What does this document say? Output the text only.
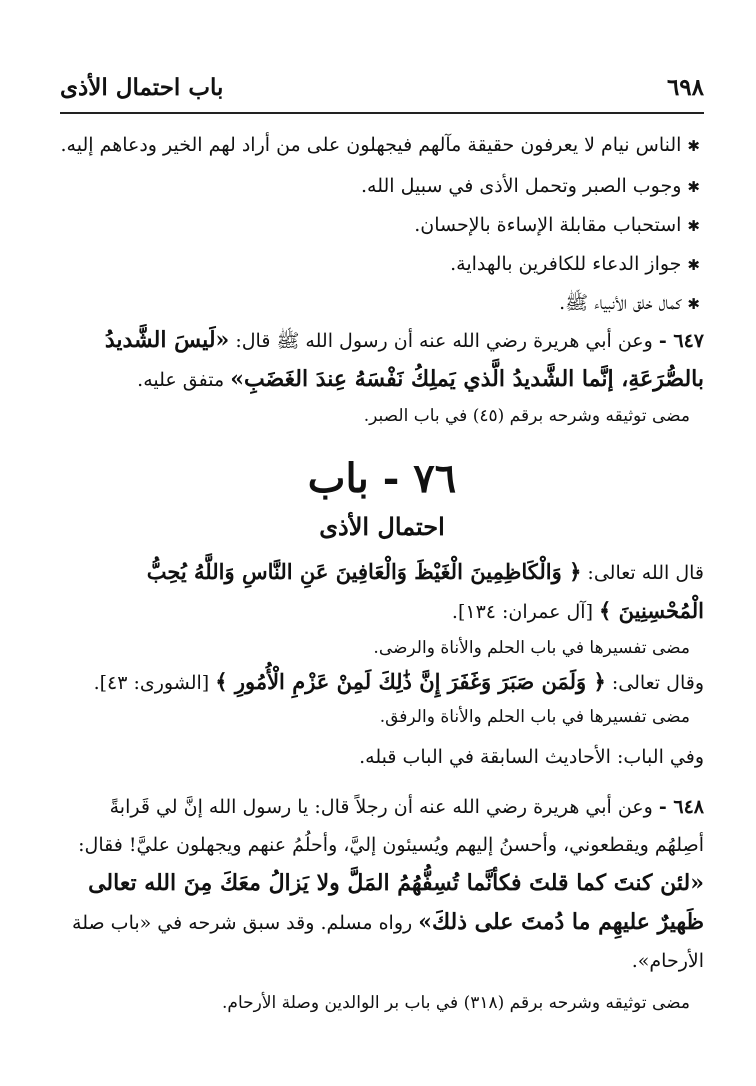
٦٩٨
باب احتمال الأذى
✱الناس نيام لا يعرفون حقيقة مآلهم فيجهلون على من أراد لهم الخير ودعاهم إليه.
✱وجوب الصبر وتحمل الأذى في سبيل الله.
✱استحباب مقابلة الإساءة بالإحسان.
✱جواز الدعاء للكافرين بالهداية.
✱كمال خلق الأنبياء ﷺ.

٦٤٧ - وعن أبي هريرة رضي الله عنه أن رسول الله ﷺ قال: «لَيسَ الشَّديدُ بالصُّرَعَةِ، إنَّما الشَّديدُ الَّذي يَملِكُ نَفْسَهُ عِندَ الغَضَبِ» متفق عليه.

مضى توثيقه وشرحه برقم (٤٥) في باب الصبر.

٧٦ - باب
احتمال الأذى

قال الله تعالى: ﴿ وَالْكَاظِمِينَ الْغَيْظَ وَالْعَافِينَ عَنِ النَّاسِ وَاللَّهُ يُحِبُّ الْمُحْسِنِينَ ﴾ [آل عمران: ١٣٤].

مضى تفسيرها في باب الحلم والأناة والرضى.

وقال تعالى: ﴿ وَلَمَن صَبَرَ وَغَفَرَ إِنَّ ذَٰلِكَ لَمِنْ عَزْمِ الْأُمُورِ ﴾ [الشورى: ٤٣].

مضى تفسيرها في باب الحلم والأناة والرفق.

وفي الباب: الأحاديث السابقة في الباب قبله.

٦٤٨ - وعن أبي هريرة رضي الله عنه أن رجلاً قال: يا رسول الله إنَّ لي قَرابةً أصِلهُم ويقطعوني، وأحسنُ إليهم ويُسيئون إليَّ، وأحلُمُ عنهم ويجهلون عليَّ! فقال: «لئن كنتَ كما قلتَ فكأنَّما تُسِفُّهُمُ المَلَّ ولا يَزالُ معَكَ مِنَ الله تعالى ظَهيرٌ عليهِم ما دُمتَ على ذلكَ» رواه مسلم. وقد سبق شرحه في «باب صلة الأرحام».

مضى توثيقه وشرحه برقم (٣١٨) في باب بر الوالدين وصلة الأرحام.
